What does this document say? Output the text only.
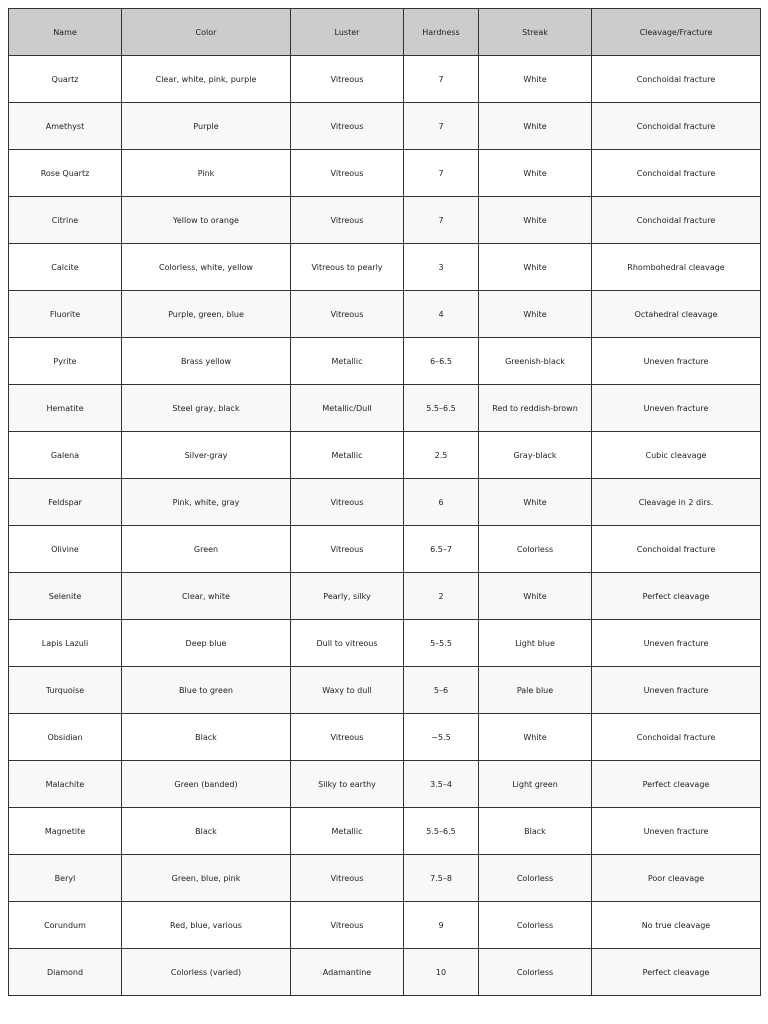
Name	Color	Luster	Hardness	Streak	Cleavage/Fracture
Quartz	Clear, white, pink, purple	Vitreous	7	White	Conchoidal fracture
Amethyst	Purple	Vitreous	7	White	Conchoidal fracture
Rose Quartz	Pink	Vitreous	7	White	Conchoidal fracture
Citrine	Yellow to orange	Vitreous	7	White	Conchoidal fracture
Calcite	Colorless, white, yellow	Vitreous to pearly	3	White	Rhombohedral cleavage
Fluorite	Purple, green, blue	Vitreous	4	White	Octahedral cleavage
Pyrite	Brass yellow	Metallic	6–6.5	Greenish-black	Uneven fracture
Hematite	Steel gray, black	Metallic/Dull	5.5–6.5	Red to reddish-brown	Uneven fracture
Galena	Silver-gray	Metallic	2.5	Gray-black	Cubic cleavage
Feldspar	Pink, white, gray	Vitreous	6	White	Cleavage in 2 dirs.
Olivine	Green	Vitreous	6.5–7	Colorless	Conchoidal fracture
Selenite	Clear, white	Pearly, silky	2	White	Perfect cleavage
Lapis Lazuli	Deep blue	Dull to vitreous	5–5.5	Light blue	Uneven fracture
Turquoise	Blue to green	Waxy to dull	5–6	Pale blue	Uneven fracture
Obsidian	Black	Vitreous	~5.5	White	Conchoidal fracture
Malachite	Green (banded)	Silky to earthy	3.5–4	Light green	Perfect cleavage
Magnetite	Black	Metallic	5.5–6.5	Black	Uneven fracture
Beryl	Green, blue, pink	Vitreous	7.5–8	Colorless	Poor cleavage
Corundum	Red, blue, various	Vitreous	9	Colorless	No true cleavage
Diamond	Colorless (varied)	Adamantine	10	Colorless	Perfect cleavage
